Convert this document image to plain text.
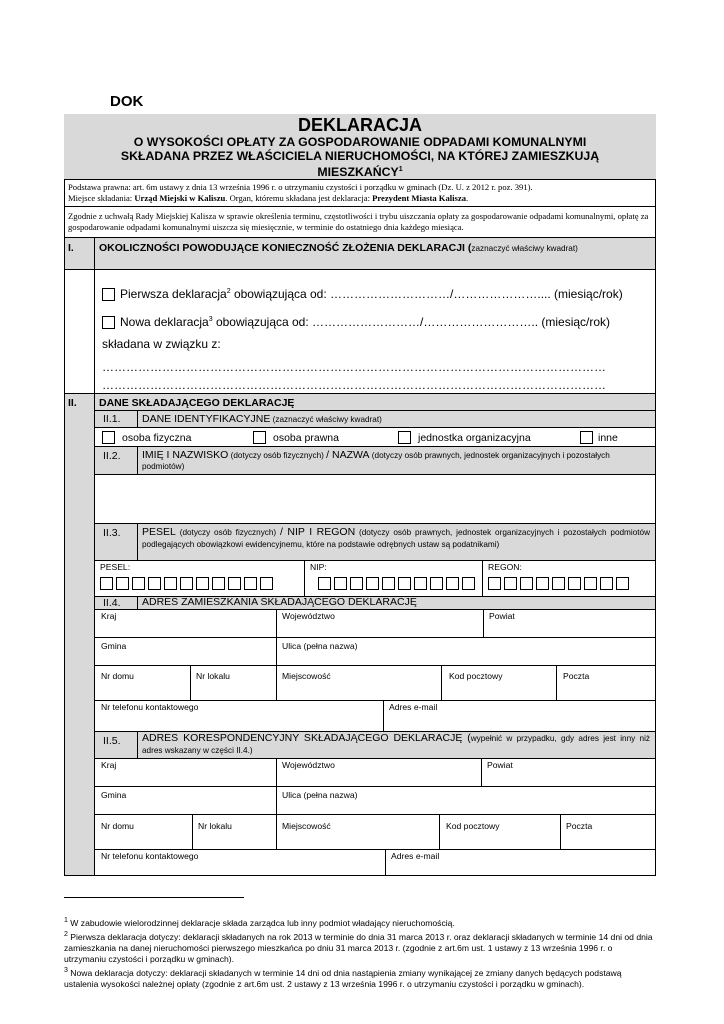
DOK
DEKLARACJA
O WYSOKOŚCI OPŁATY ZA GOSPODAROWANIE ODPADAMI KOMUNALNYMI
SKŁADANA PRZEZ WŁAŚCICIELA NIERUCHOMOŚCI, NA KTÓREJ ZAMIESZKUJĄ
MIESZKAŃCY$^1$
Podstawa prawna: art. 6m ustawy z dnia 13 września 1996 r. o utrzymaniu czystości i porządku w gminach (Dz. U. z 2012 r. poz. 391).
Miejsce składania: Urząd Miejski w Kaliszu. Organ, któremu składana jest deklaracja: Prezydent Miasta Kalisza.
Zgodnie z uchwałą Rady Miejskiej Kalisza w sprawie określenia terminu, częstotliwości i trybu uiszczania opłaty za gospodarowanie odpadami komunalnymi, opłatę za gospodarowanie odpadami komunalnymi uiszcza się miesięcznie, w terminie do ostatniego dnia każdego miesiąca.
I. OKOLICZNOŚCI POWODUJĄCE KONIECZNOŚĆ ZŁOŻENIA DEKLARACJI (zaznaczyć właściwy kwadrat)
Pierwsza deklaracja$^2$ obowiązująca od: …………………………/………………….... (miesiąc/rok)
Nowa deklaracja$^3$ obowiązująca od: ………………………/……………………….. (miesiąc/rok)
składana w związku z:
………………………………………………………………………………………………………………
………………………………………………………………………………………………………………
II. DANE SKŁADAJĄCEGO DEKLARACJĘ
II.1. DANE IDENTYFIKACYJNE (zaznaczyć właściwy kwadrat)
osoba fizyczna	osoba prawna	jednostka organizacyjna	inne
II.2. IMIĘ I NAZWISKO (dotyczy osób fizycznych) / NAZWA (dotyczy osób prawnych, jednostek organizacyjnych i pozostałych podmiotów)
II.3. PESEL (dotyczy osób fizycznych) / NIP I REGON (dotyczy osób prawnych, jednostek organizacyjnych i pozostałych podmiotów podlegających obowiązkowi ewidencyjnemu, które na podstawie odrębnych ustaw są podatnikami)
PESEL:	NIP:	REGON:
II.4. ADRES ZAMIESZKANIA SKŁADAJĄCEGO DEKLARACJĘ
Kraj	Województwo	Powiat
Gmina	Ulica (pełna nazwa)
Nr domu	Nr lokalu	Miejscowość	Kod pocztowy	Poczta
Nr telefonu kontaktowego	Adres e-mail
II.5. ADRES KORESPONDENCYJNY SKŁADAJĄCEGO DEKLARACJĘ (wypełnić w przypadku, gdy adres jest inny niż adres wskazany w części II.4.)
Kraj	Województwo	Powiat
Gmina	Ulica (pełna nazwa)
Nr domu	Nr lokalu	Miejscowość	Kod pocztowy	Poczta
Nr telefonu kontaktowego	Adres e-mail
$^1$ W zabudowie wielorodzinnej deklaracje składa zarządca lub inny podmiot władający nieruchomością.
$^2$ Pierwsza deklaracja dotyczy: deklaracji składanych na rok 2013 w terminie do dnia 31 marca 2013 r. oraz deklaracji składanych w terminie 14 dni od dnia zamieszkania na danej nieruchomości pierwszego mieszkańca po dniu 31 marca 2013 r. (zgodnie z art.6m ust. 1 ustawy z 13 września 1996 r. o utrzymaniu czystości i porządku w gminach).
$^3$ Nowa deklaracja dotyczy: deklaracji składanych w terminie 14 dni od dnia nastąpienia zmiany wynikającej ze zmiany danych będących podstawą ustalenia wysokości należnej opłaty (zgodnie z art.6m ust. 2 ustawy z 13 września 1996 r. o utrzymaniu czystości i porządku w gminach).
